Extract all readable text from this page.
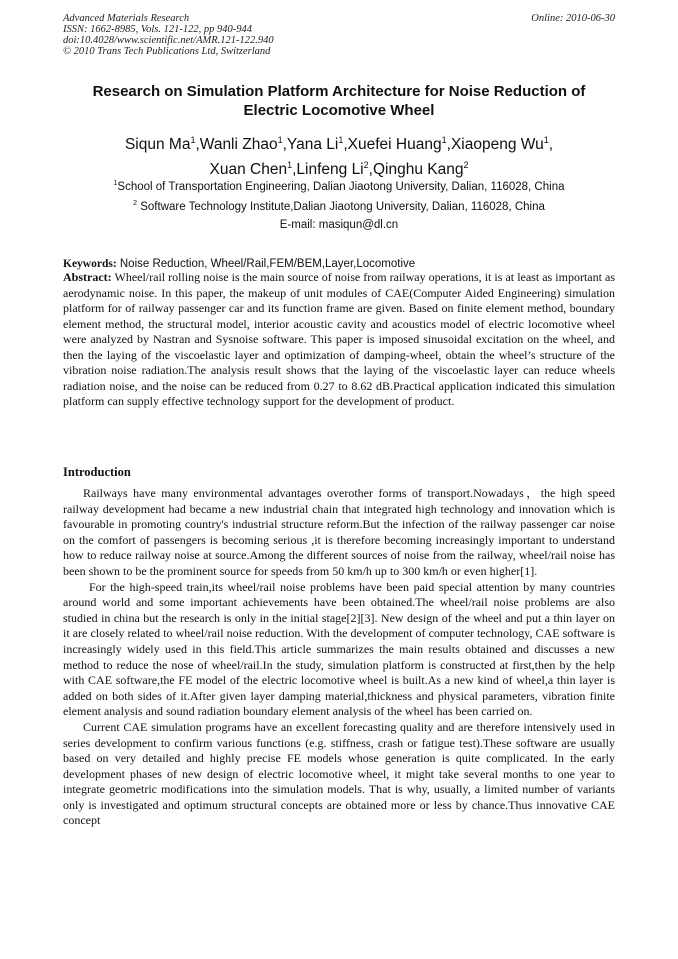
Advanced Materials Research
ISSN: 1662-8985, Vols. 121-122, pp 940-944
doi:10.4028/www.scientific.net/AMR.121-122.940
© 2010 Trans Tech Publications Ltd, Switzerland
Online: 2010-06-30
Research on Simulation Platform Architecture for Noise Reduction of
Electric Locomotive Wheel
Siqun Ma$^1$,Wanli Zhao$^1$,Yana Li$^1$,Xuefei Huang$^1$,Xiaopeng Wu$^1$,
Xuan Chen$^1$,Linfeng Li$^2$,Qinghu Kang$^2$
$^1$School of Transportation Engineering, Dalian Jiaotong University, Dalian, 116028, China
$^2$ Software Technology Institute,Dalian Jiaotong University, Dalian, 116028, China
E-mail: masiqun@dl.cn
Keywords: Noise Reduction, Wheel/Rail,FEM/BEM,Layer,Locomotive
Abstract: Wheel/rail rolling noise is the main source of noise from railway operations, it is at least as important as aerodynamic noise. In this paper, the makeup of unit modules of CAE(Computer Aided Engineering) simulation platform for of railway passenger car and its function frame are given. Based on finite element method, boundary element method, the structural model, interior acoustic cavity and acoustics model of electric locomotive wheel were analyzed by Nastran and Sysnoise software. This paper is imposed sinusoidal excitation on the wheel, and then the laying of the viscoelastic layer and optimization of damping-wheel, obtain the wheel’s structure of the vibration noise radiation.The analysis result shows that the laying of the viscoelastic layer can reduce wheels radiation noise, and the noise can be reduced from 0.27 to 8.62 dB.Practical application indicated this simulation platform can supply effective technology support for the development of product.
Introduction

Railways have many environmental advantages overother forms of transport.Nowadays，the high speed railway development had became a new industrial chain that integrated high technology and innovation which is favourable in promoting country's industrial structure reform.But the infection of the railway passenger car noise on the comfort of passengers is becoming serious ,it is therefore becoming increasingly important to understand how to reduce railway noise at source.Among the different sources of noise from the railway, wheel/rail noise has been shown to be the prominent source for speeds from 50 km/h up to 300 km/h or even higher[1].

For the high-speed train,its wheel/rail noise problems have been paid special attention by many countries around world and some important achievements have been obtained.The wheel/rail noise problems are also studied in china but the research is only in the initial stage[2][3]. New design of the wheel and put a thin layer on it are closely related to wheel/rail noise reduction. With the development of computer technology, CAE software is increasingly widely used in this field.This article summarizes the main results obtained and discusses a new method to reduce the nose of wheel/rail.In the study, simulation platform is constructed at first,then by the help with CAE software,the FE model of the electric locomotive wheel is built.As a new kind of wheel,a thin layer is added on both sides of it.After given layer damping material,thickness and physical parameters, vibration finite element analysis and sound radiation boundary element analysis of the wheel has been carried on.

Current CAE simulation programs have an excellent forecasting quality and are therefore intensively used in series development to confirm various functions (e.g. stiffness, crash or fatigue test).These software are usually based on very detailed and highly precise FE models whose generation is quite complicated. In the early development phases of new design of electric locomotive wheel, it might take several months to one year to integrate geometric modifications into the simulation models. That is why, usually, a limited number of variants only is investigated and optimum structural concepts are obtained more or less by chance.Thus innovative CAE concept
